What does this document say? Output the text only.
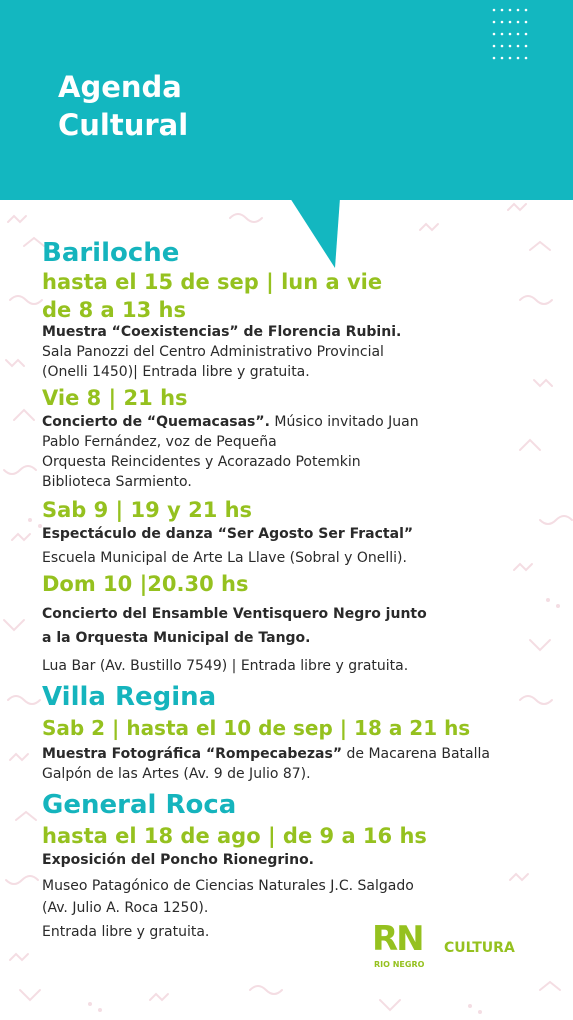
Agenda
Cultural

Bariloche

hasta el 15 de sep | lun a vie

de 8 a 13 hs

Muestra “Coexistencias” de Florencia Rubini.

Sala Panozzi del Centro Administrativo Provincial

(Onelli 1450)| Entrada libre y gratuita.

Vie 8 | 21 hs

Concierto de “Quemacasas”. Músico invitado Juan

Pablo Fernández, voz de Pequeña

Orquesta Reincidentes y Acorazado Potemkin

Biblioteca Sarmiento.

Sab 9 | 19 y 21 hs

Espectáculo de danza “Ser Agosto Ser Fractal”

Escuela Municipal de Arte La Llave (Sobral y Onelli).

Dom 10 |20.30 hs

Concierto del Ensamble Ventisquero Negro junto

a la Orquesta Municipal de Tango.

Lua Bar (Av. Bustillo 7549) | Entrada libre y gratuita.

Villa Regina

Sab 2 | hasta el 10 de sep | 18 a 21 hs

Muestra Fotográfica “Rompecabezas” de Macarena Batalla

Galpón de las Artes (Av. 9 de Julio 87).

General Roca

hasta el 18 de ago | de 9 a 16 hs

Exposición del Poncho Rionegrino.

Museo Patagónico de Ciencias Naturales J.C. Salgado

(Av. Julio A. Roca 1250).

Entrada libre y gratuita.	RN
RIO NEGRO
CULTURA
